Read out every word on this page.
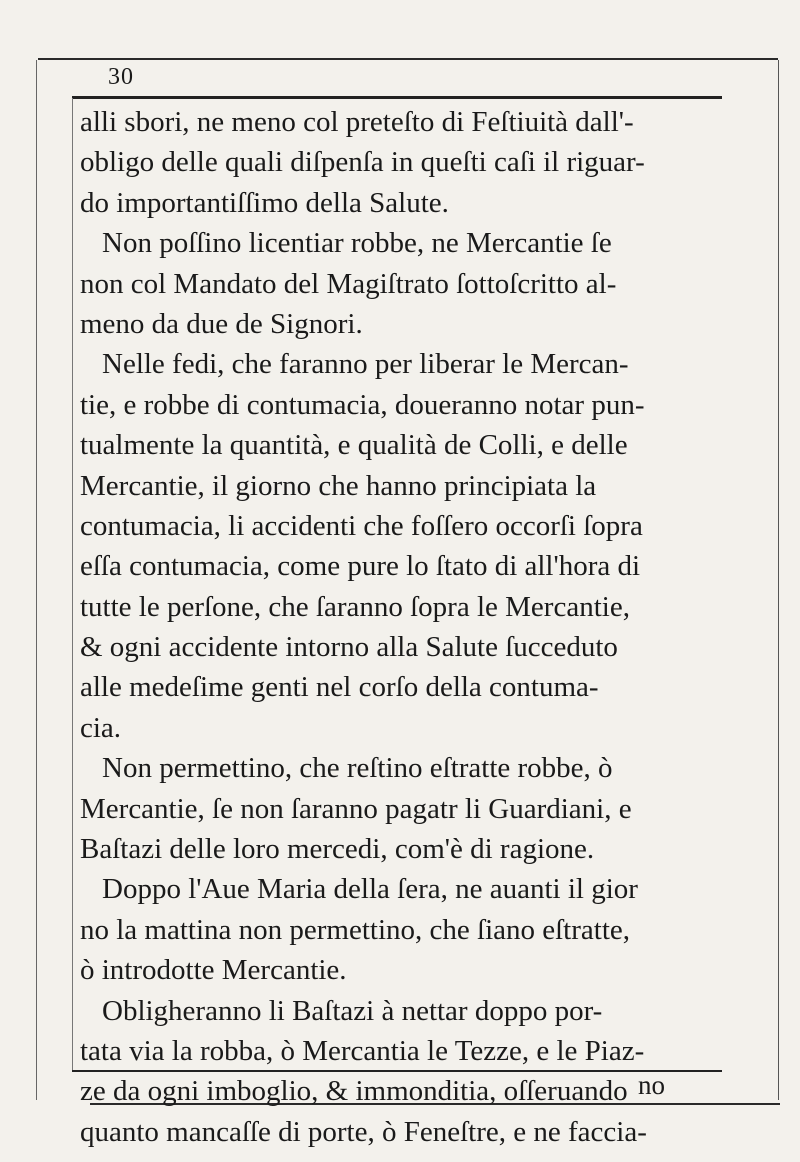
30
alli sbori, ne meno col preteſto di Feſtiuità dall'-
obligo delle quali diſpenſa in queſti caſi il riguar-
do importantiſſimo della Salute.
Non poſſino licentiar robbe, ne Mercantie ſe
non col Mandato del Magiſtrato ſottoſcritto al-
meno da due de Signori.
Nelle fedi, che faranno per liberar le Mercan-
tie, e robbe di contumacia, doueranno notar pun-
tualmente la quantità, e qualità de Colli, e delle
Mercantie, il giorno che hanno principiata la
contumacia, li accidenti che foſſero occorſi ſopra
eſſa contumacia, come pure lo ſtato di all'hora di
tutte le perſone, che ſaranno ſopra le Mercantie,
& ogni accidente intorno alla Salute ſucceduto
alle medeſime genti nel corſo della contuma-
cia.
Non permettino, che reſtino eſtratte robbe, ò
Mercantie, ſe non ſaranno pagatr li Guardiani, e
Baſtazi delle loro mercedi, com'è di ragione.
Doppo l'Aue Maria della ſera, ne auanti il gior
no la mattina non permettino, che ſiano eſtratte,
ò introdotte Mercantie.
Obligheranno li Baſtazi à nettar doppo por-
tata via la robba, ò Mercantia le Tezze, e le Piaz-
ze da ogni imboglio, & immonditia, oſſeruando
quanto mancaſſe di porte, ò Feneſtre, e ne faccia-
no
